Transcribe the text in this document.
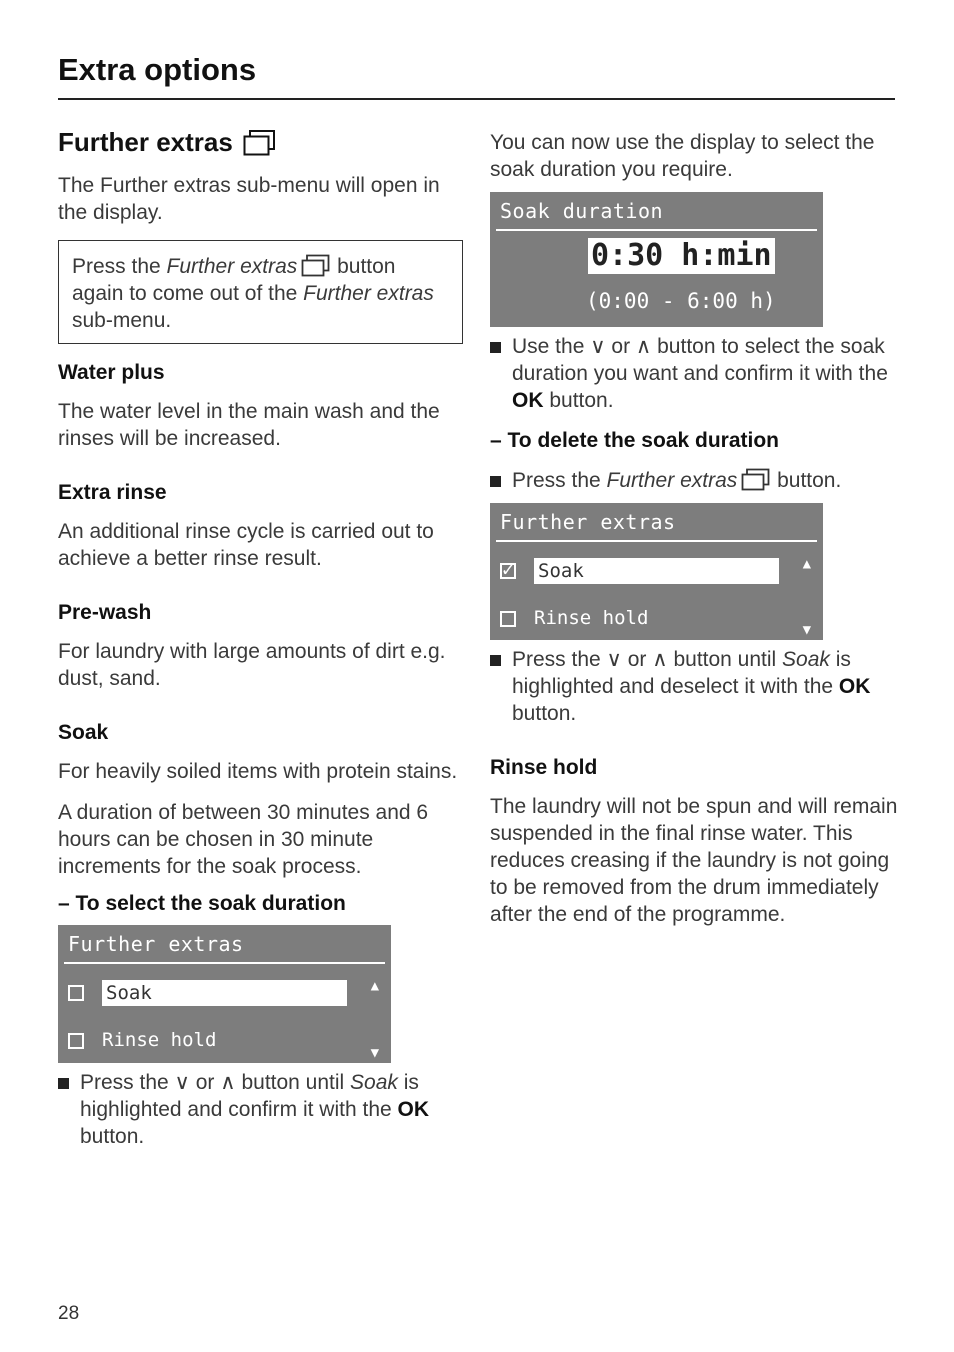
Extra options
Further extras

The Further extras sub-menu will open in the display.

Press the Further extras
button again to come out of the Further extras sub-menu.

Water plus

The water level in the main wash and the rinses will be increased.

Extra rinse

An additional rinse cycle is carried out to achieve a better rinse result.

Pre-wash

For laundry with large amounts of dirt e.g. dust, sand.

Soak

For heavily soiled items with protein stains.

A duration of between 30 minutes and 6 hours can be chosen in 30 minute increments for the soak process.

– To select the soak duration

Further extras
Soak
Rinse hold
▲
▼
Press the ∨ or ∧ button until Soak is highlighted and confirm it with the OK button.

You can now use the display to select the soak duration you require.

Soak duration
0:30 h:min
(0:00 - 6:00 h)
Use the ∨ or ∧ button to select the soak duration you want and confirm it with the OK button.

– To delete the soak duration

Press the Further extras
button.
Further extras
✓ Soak
Rinse hold
▲
▼
Press the ∨ or ∧ button until Soak is highlighted and deselect it with the OK button.

Rinse hold

The laundry will not be spun and will remain suspended in the final rinse water. This reduces creasing if the laundry is not going to be removed from the drum immediately after the end of the programme.

28
